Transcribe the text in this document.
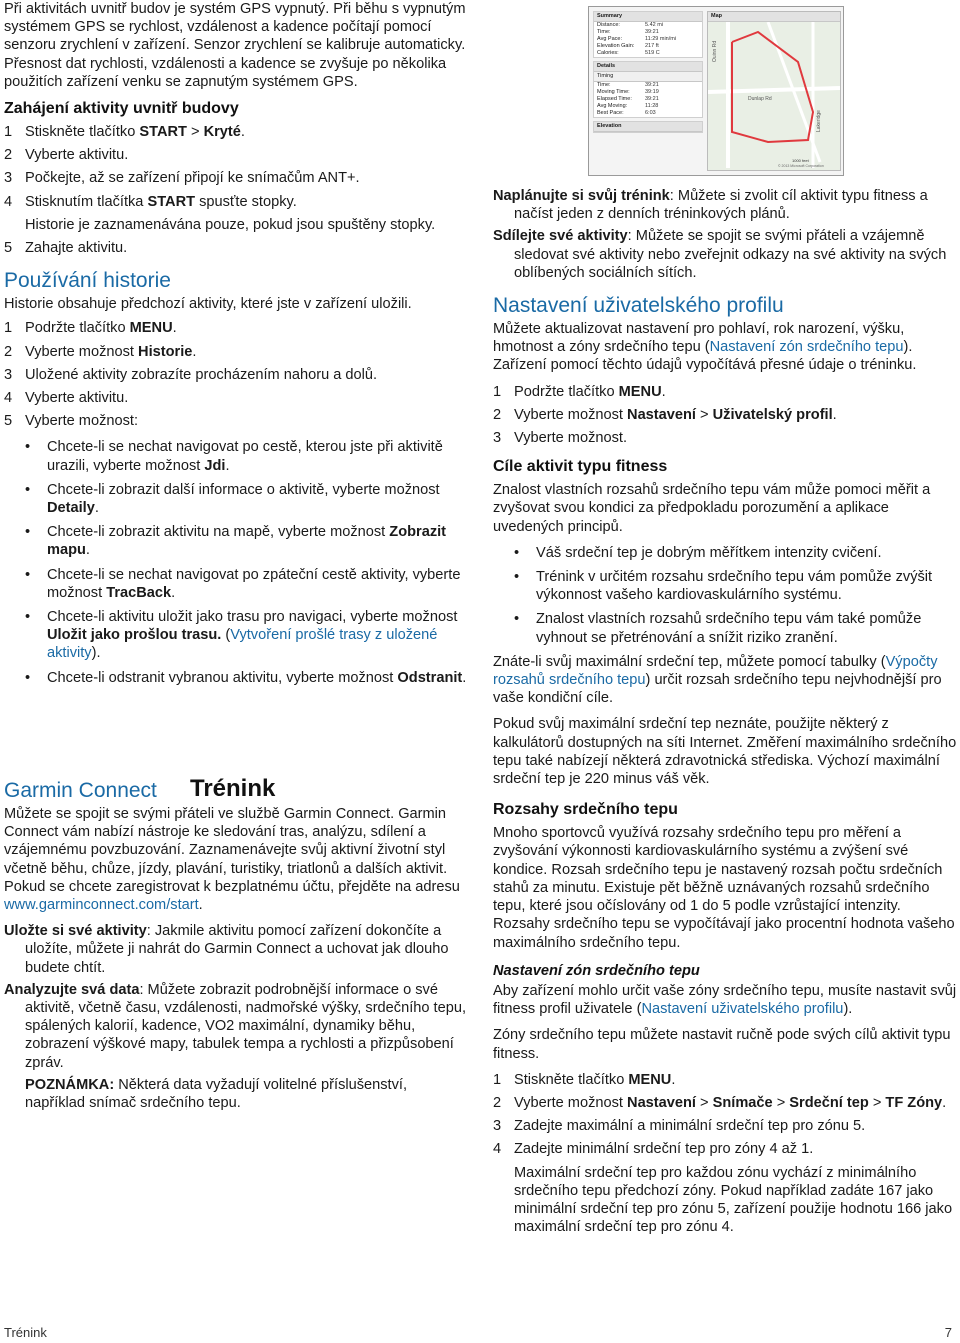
Summary
Distance:	5.42 mi
Time:	39:21
Avg Pace:	11:29 min/mi
Elevation Gain:	217 ft
Calories:	519 C
Details
Timing
Time:	39:21
Moving Time:	39:19
Elapsed Time:	39:21
Avg Moving:	11:28
Best Pace:	6:03
Elevation
Map
Ouinn Rd
Dunlap Rd
Lakeridge
1000 feet
© 2013 Microsoft Corporation

Při aktivitách uvnitř budov je systém GPS vypnutý. Při běhu s vypnutým systémem GPS se rychlost, vzdálenost a kadence počítají pomocí senzoru zrychlení v zařízení. Senzor zrychlení se kalibruje automaticky. Přesnost dat rychlosti, vzdálenosti a kadence se zvyšuje po několika použitích zařízení venku se zapnutým systémem GPS.

Zahájení aktivity uvnitř budovy
1 Stiskněte tlačítko START > Kryté.
2 Vyberte aktivitu.
3 Počkejte, až se zařízení připojí ke snímačům ANT+.
4 Stisknutím tlačítka START spusťte stopky.

Historie je zaznamenávána pouze, pokud jsou spuštěny stopky.

5 Zahajte aktivitu.
Používání historie

Historie obsahuje předchozí aktivity, které jste v zařízení uložili.

1 Podržte tlačítko MENU.
2 Vyberte možnost Historie.
3 Uložené aktivity zobrazíte procházením nahoru a dolů.
4 Vyberte aktivitu.
5 Vyberte možnost:
•	Chcete-li se nechat navigovat po cestě, kterou jste při aktivitě urazili, vyberte možnost Jdi.
•	Chcete-li zobrazit další informace o aktivitě, vyberte možnost Detaily.
•	Chcete-li zobrazit aktivitu na mapě, vyberte možnost Zobrazit mapu.
•	Chcete-li se nechat navigovat po zpáteční cestě aktivity, vyberte možnost TracBack.
•	Chcete-li aktivitu uložit jako trasu pro navigaci, vyberte možnost Uložit jako prošlou trasu. (Vytvoření prošlé trasy z uložené aktivity).
•	Chcete-li odstranit vybranou aktivitu, vyberte možnost Odstranit.
Garmin Connect

Můžete se spojit se svými přáteli ve službě Garmin Connect. Garmin Connect vám nabízí nástroje ke sledování tras, analýzu, sdílení a vzájemnému povzbuzování. Zaznamenávejte svůj aktivní životní styl včetně běhu, chůze, jízdy, plavání, turistiky, triatlonů a dalších aktivit. Pokud se chcete zaregistrovat k bezplatnému účtu, přejděte na adresu www.garminconnect.com/start.

Uložte si své aktivity: Jakmile aktivitu pomocí zařízení dokončíte a uložíte, můžete ji nahrát do Garmin Connect a uchovat jak dlouho budete chtít.

Analyzujte svá data: Můžete zobrazit podrobnější informace o své aktivitě, včetně času, vzdálenosti, nadmořské výšky, srdečního tepu, spálených kalorií, kadence, VO2 maximální, dynamiky běhu, zobrazení výškové mapy, tabulek tempa a rychlosti a přizpůsobení zpráv.

POZNÁMKA: Některá data vyžadují volitelné příslušenství, například snímač srdečního tepu.

Trénink

Naplánujte si svůj trénink: Můžete si zvolit cíl aktivit typu fitness a načíst jeden z denních tréninkových plánů.

Sdílejte své aktivity: Můžete se spojit se svými přáteli a vzájemně sledovat své aktivity nebo zveřejnit odkazy na své aktivity na svých oblíbených sociálních sítích.

Nastavení uživatelského profilu

Můžete aktualizovat nastavení pro pohlaví, rok narození, výšku, hmotnost a zóny srdečního tepu (Nastavení zón srdečního tepu). Zařízení pomocí těchto údajů vypočítává přesné údaje o tréninku.

1 Podržte tlačítko MENU.
2 Vyberte možnost Nastavení > Uživatelský profil.
3 Vyberte možnost.
Cíle aktivit typu fitness

Znalost vlastních rozsahů srdečního tepu vám může pomoci měřit a zvyšovat svou kondici za předpokladu porozumění a aplikace uvedených principů.

•	Váš srdeční tep je dobrým měřítkem intenzity cvičení.
•	Trénink v určitém rozsahu srdečního tepu vám pomůže zvýšit výkonnost vašeho kardiovaskulárního systému.
•	Znalost vlastních rozsahů srdečního tepu vám také pomůže vyhnout se přetrénování a snížit riziko zranění.

Znáte-li svůj maximální srdeční tep, můžete pomocí tabulky (Výpočty rozsahů srdečního tepu) určit rozsah srdečního tepu nejvhodnější pro vaše kondiční cíle.

Pokud svůj maximální srdeční tep neznáte, použijte některý z kalkulátorů dostupných na síti Internet. Změření maximálního srdečního tepu také nabízejí některá zdravotnická střediska. Výchozí maximální srdeční tep je 220 minus váš věk.

Rozsahy srdečního tepu

Mnoho sportovců využívá rozsahy srdečního tepu pro měření a zvyšování výkonnosti kardiovaskulárního systému a zvýšení své kondice. Rozsah srdečního tepu je nastavený rozsah počtu srdečních stahů za minutu. Existuje pět běžně uznávaných rozsahů srdečního tepu, které jsou očíslovány od 1 do 5 podle vzrůstající intenzity. Rozsahy srdečního tepu se vypočítávají jako procentní hodnota vašeho maximálního srdečního tepu.

Nastavení zón srdečního tepu

Aby zařízení mohlo určit vaše zóny srdečního tepu, musíte nastavit svůj fitness profil uživatele (Nastavení uživatelského profilu).

Zóny srdečního tepu můžete nastavit ručně pode svých cílů aktivit typu fitness.

1 Stiskněte tlačítko MENU.
2 Vyberte možnost Nastavení > Snímače > Srdeční tep > TF Zóny.
3 Zadejte maximální a minimální srdeční tep pro zónu 5.
4 Zadejte minimální srdeční tep pro zóny 4 až 1.

Maximální srdeční tep pro každou zónu vychází z minimálního srdečního tepu předchozí zóny. Pokud například zadáte 167 jako minimální srdeční tep pro zónu 5, zařízení použije hodnotu 166 jako maximální srdeční tep pro zónu 4.

Trénink	7
